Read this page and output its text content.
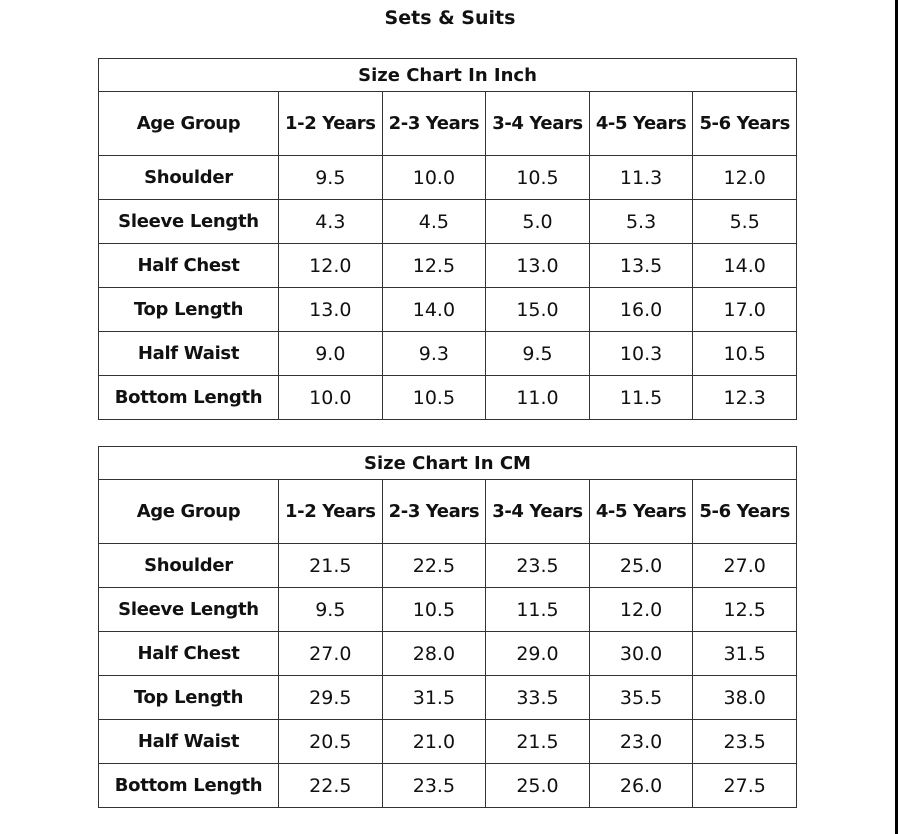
Sets & Suits
Size Chart In Inch					
Age Group	1-2 Years	2-3 Years	3-4 Years	4-5 Years	5-6 Years
Shoulder	9.5	10.0	10.5	11.3	12.0
Sleeve Length	4.3	4.5	5.0	5.3	5.5
Half Chest	12.0	12.5	13.0	13.5	14.0
Top Length	13.0	14.0	15.0	16.0	17.0
Half Waist	9.0	9.3	9.5	10.3	10.5
Bottom Length	10.0	10.5	11.0	11.5	12.3
Size Chart In CM					
Age Group	1-2 Years	2-3 Years	3-4 Years	4-5 Years	5-6 Years
Shoulder	21.5	22.5	23.5	25.0	27.0
Sleeve Length	9.5	10.5	11.5	12.0	12.5
Half Chest	27.0	28.0	29.0	30.0	31.5
Top Length	29.5	31.5	33.5	35.5	38.0
Half Waist	20.5	21.0	21.5	23.0	23.5
Bottom Length	22.5	23.5	25.0	26.0	27.5
